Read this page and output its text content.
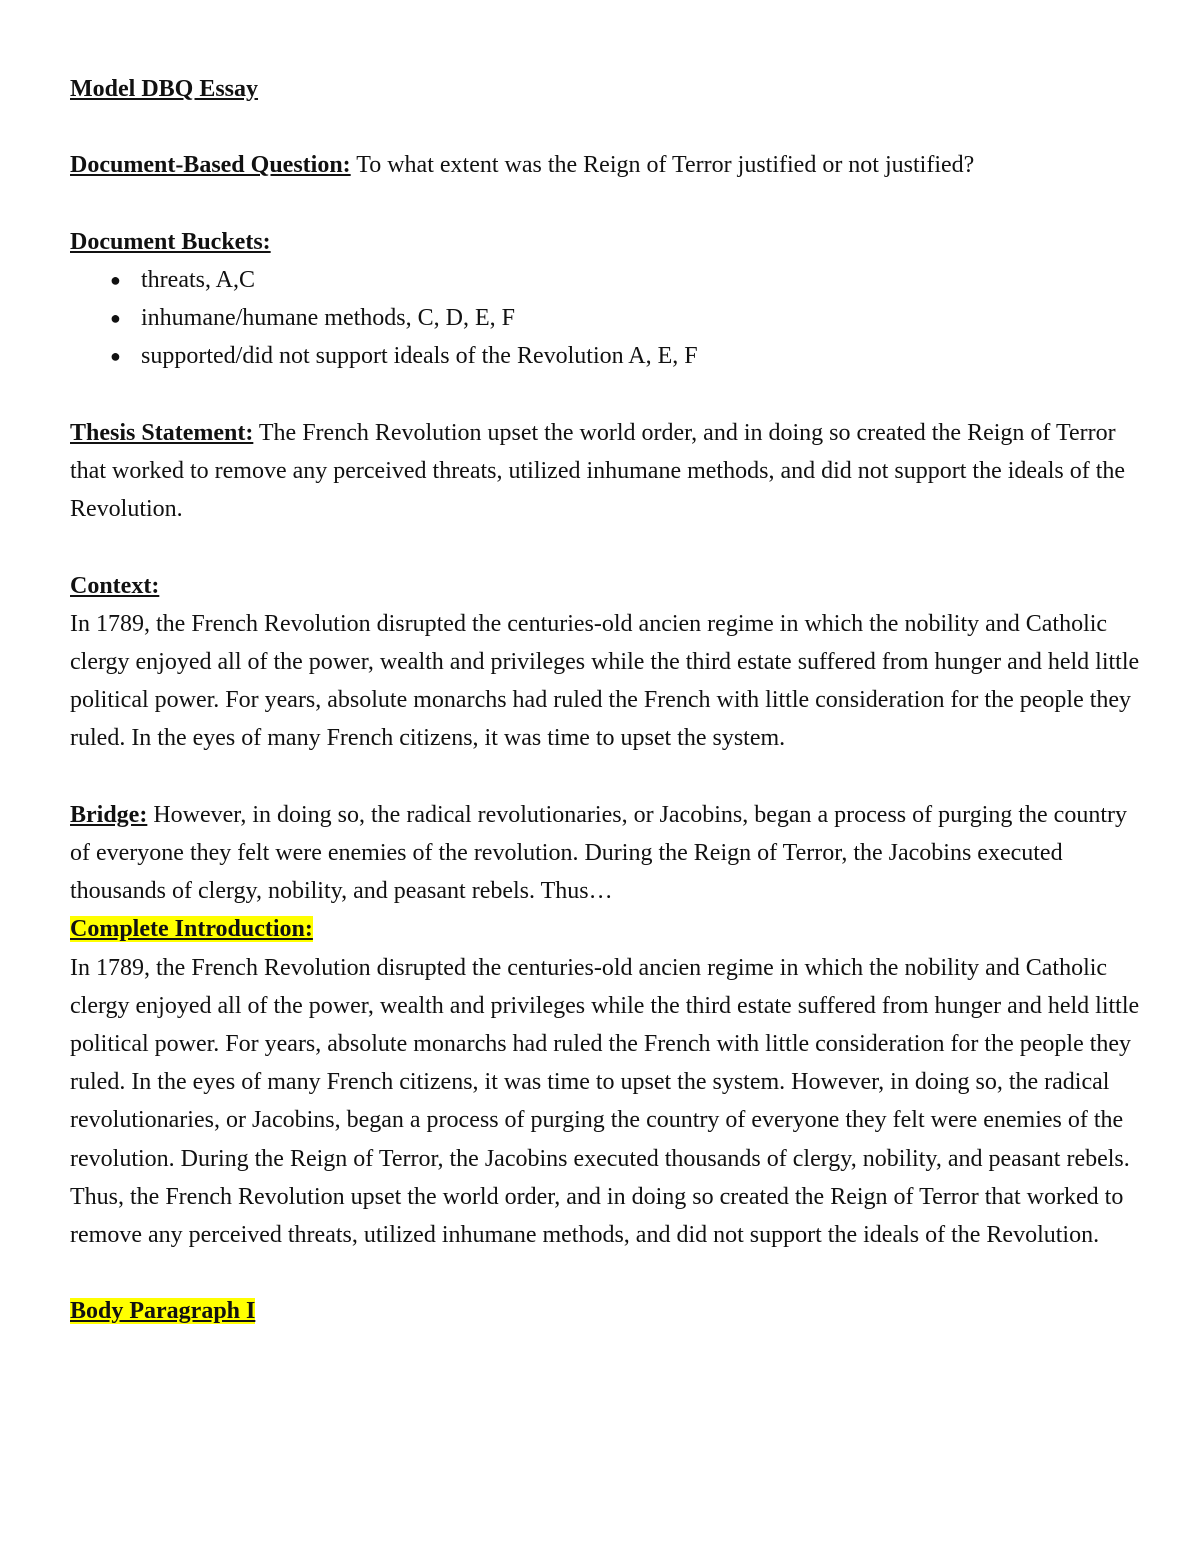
Model DBQ Essay

Document-Based Question: To what extent was the Reign of Terror justified or not justified?

Document Buckets:

● threats, A,C
● inhumane/humane methods, C, D, E, F
● supported/did not support ideals of the Revolution A, E, F

Thesis Statement: The French Revolution upset the world order, and in doing so created the Reign of Terror that worked to remove any perceived threats, utilized inhumane methods, and did not support the ideals of the Revolution.

Context:

In 1789, the French Revolution disrupted the centuries-old ancien regime in which the nobility and Catholic clergy enjoyed all of the power, wealth and privileges while the third estate suffered from hunger and held little political power. For years, absolute monarchs had ruled the French with little consideration for the people they ruled. In the eyes of many French citizens, it was time to upset the system.

Bridge: However, in doing so, the radical revolutionaries, or Jacobins, began a process of purging the country of everyone they felt were enemies of the revolution. During the Reign of Terror, the Jacobins executed thousands of clergy, nobility, and peasant rebels. Thus…

Complete Introduction:

In 1789, the French Revolution disrupted the centuries-old ancien regime in which the nobility and Catholic clergy enjoyed all of the power, wealth and privileges while the third estate suffered from hunger and held little political power. For years, absolute monarchs had ruled the French with little consideration for the people they ruled. In the eyes of many French citizens, it was time to upset the system. However, in doing so, the radical revolutionaries, or Jacobins, began a process of purging the country of everyone they felt were enemies of the revolution. During the Reign of Terror, the Jacobins executed thousands of clergy, nobility, and peasant rebels. Thus, the French Revolution upset the world order, and in doing so created the Reign of Terror that worked to remove any perceived threats, utilized inhumane methods, and did not support the ideals of the Revolution.

Body Paragraph I
